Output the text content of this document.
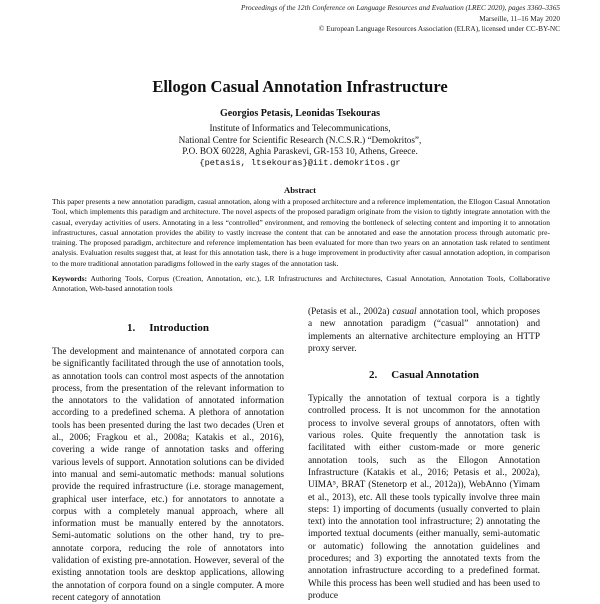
Proceedings of the 12th Conference on Language Resources and Evaluation (LREC 2020), pages 3360–3365
Marseille, 11–16 May 2020
© European Language Resources Association (ELRA), licensed under CC-BY-NC
Ellogon Casual Annotation Infrastructure
Georgios Petasis, Leonidas Tsekouras
Institute of Informatics and Telecommunications,
National Centre for Scientific Research (N.C.S.R.) “Demokritos”,
P.O. BOX 60228, Aghia Paraskevi, GR-153 10, Athens, Greece.
{petasis, ltsekouras}@iit.demokritos.gr
Abstract
This paper presents a new annotation paradigm, casual annotation, along with a proposed architecture and a reference implementation, the Ellogon Casual Annotation Tool, which implements this paradigm and architecture. The novel aspects of the proposed paradigm originate from the vision to tightly integrate annotation with the casual, everyday activities of users. Annotating in a less “controlled” environment, and removing the bottleneck of selecting content and importing it to annotation infrastructures, casual annotation provides the ability to vastly increase the content that can be annotated and ease the annotation process through automatic pre-training. The proposed paradigm, architecture and reference implementation has been evaluated for more than two years on an annotation task related to sentiment analysis. Evaluation results suggest that, at least for this annotation task, there is a huge improvement in productivity after casual annotation adoption, in comparison to the more traditional annotation paradigms followed in the early stages of the annotation task.
Keywords: Authoring Tools, Corpus (Creation, Annotation, etc.), LR Infrastructures and Architectures, Casual Annotation, Annotation Tools, Collaborative Annotation, Web-based annotation tools
1. Introduction

The development and maintenance of annotated corpora can be significantly facilitated through the use of annotation tools, as annotation tools can control most aspects of the annotation process, from the presentation of the relevant information to the annotators to the validation of annotated information according to a predefined schema. A plethora of annotation tools has been presented during the last two decades (Uren et al., 2006; Fragkou et al., 2008a; Katakis et al., 2016), covering a wide range of annotation tasks and offering various levels of support. Annotation solutions can be divided into manual and semi-automatic methods: manual solutions provide the required infrastructure (i.e. storage management, graphical user interface, etc.) for annotators to annotate a corpus with a completely manual approach, where all information must be manually entered by the annotators. Semi-automatic solutions on the other hand, try to pre-annotate corpora, reducing the role of annotators into validation of existing pre-annotation. However, several of the existing annotation tools are desktop applications, allowing the annotation of corpora found on a single computer. A more recent category of annotation

(Petasis et al., 2002a) casual annotation tool, which proposes a new annotation paradigm (“casual” annotation) and implements an alternative architecture employing an HTTP proxy server.

2. Casual Annotation

Typically the annotation of textual corpora is a tightly controlled process. It is not uncommon for the annotation process to involve several groups of annotators, often with various roles. Quite frequently the annotation task is facilitated with either custom-made or more generic annotation tools, such as the Ellogon Annotation Infrastructure (Katakis et al., 2016; Petasis et al., 2002a), UIMA⁵, BRAT (Stenetorp et al., 2012a)), WebAnno (Yimam et al., 2013), etc. All these tools typically involve three main steps: 1) importing of documents (usually converted to plain text) into the annotation tool infrastructure; 2) annotating the imported textual documents (either manually, semi-automatic or automatic) following the annotation guidelines and procedures; and 3) exporting the annotated texts from the annotation infrastructure according to a predefined format. While this process has been well studied and has been used to produce
